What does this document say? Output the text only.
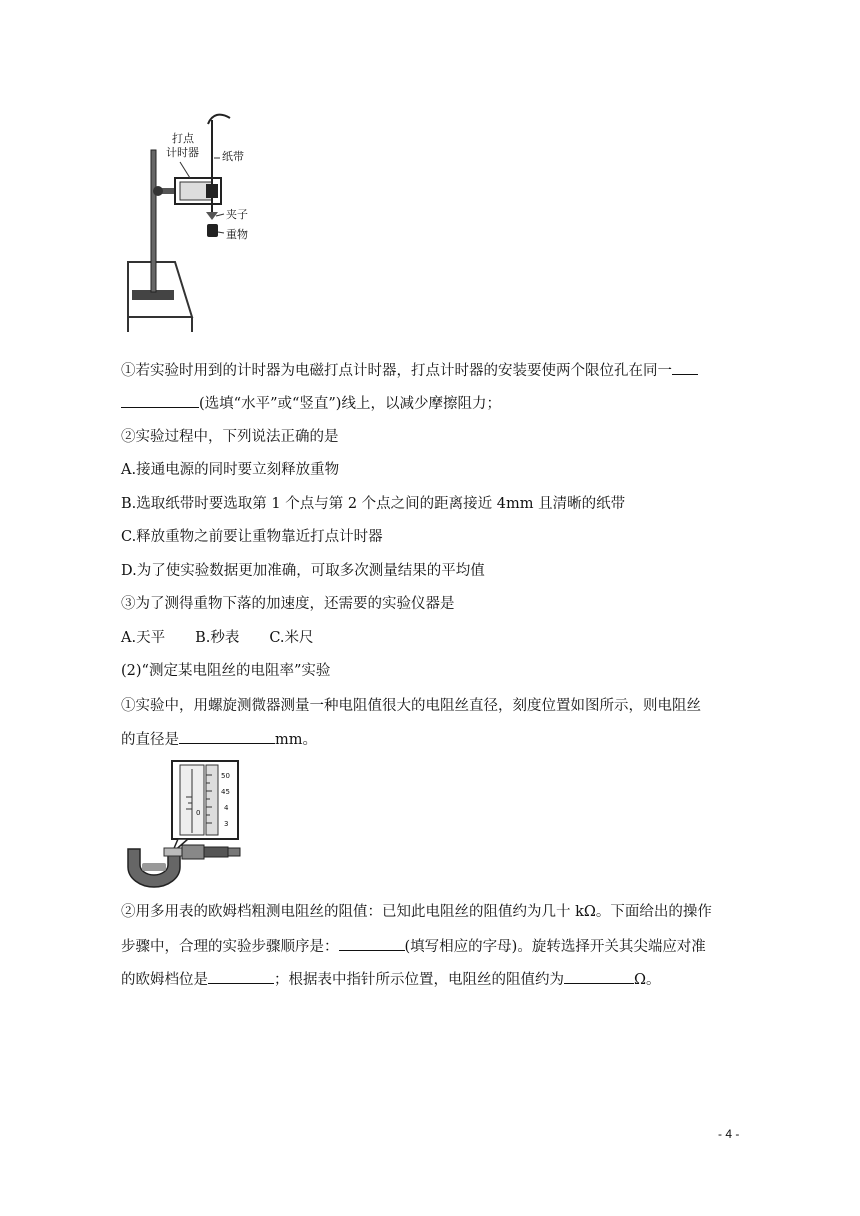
打点
计时器 纸带
夹子
重物
①若实验时用到的计时器为电磁打点计时器，打点计时器的安装要使两个限位孔在同一
(选填“水平”或“竖直”)线上，以减少摩擦阻力；
②实验过程中，下列说法正确的是
A.接通电源的同时要立刻释放重物
B.选取纸带时要选取第 1 个点与第 2 个点之间的距离接近 4mm 且清晰的纸带
C.释放重物之前要让重物靠近打点计时器
D.为了使实验数据更加准确，可取多次测量结果的平均值
③为了测得重物下落的加速度，还需要的实验仪器是
A.天平 B.秒表 C.米尺
(2)“测定某电阻丝的电阻率”实验
①实验中，用螺旋测微器测量一种电阻值很大的电阻丝直径，刻度位置如图所示，则电阻丝
的直径是	mm。
0
50
45
4
3
②用多用表的欧姆档粗测电阻丝的阻值：已知此电阻丝的阻值约为几十 kΩ。下面给出的操作
步骤中，合理的实验步骤顺序是：	(填写相应的字母)。旋转选择开关其尖端应对准
的欧姆档位是	；根据表中指针所示位置，电阻丝的阻值约为	Ω。
- 4 -
